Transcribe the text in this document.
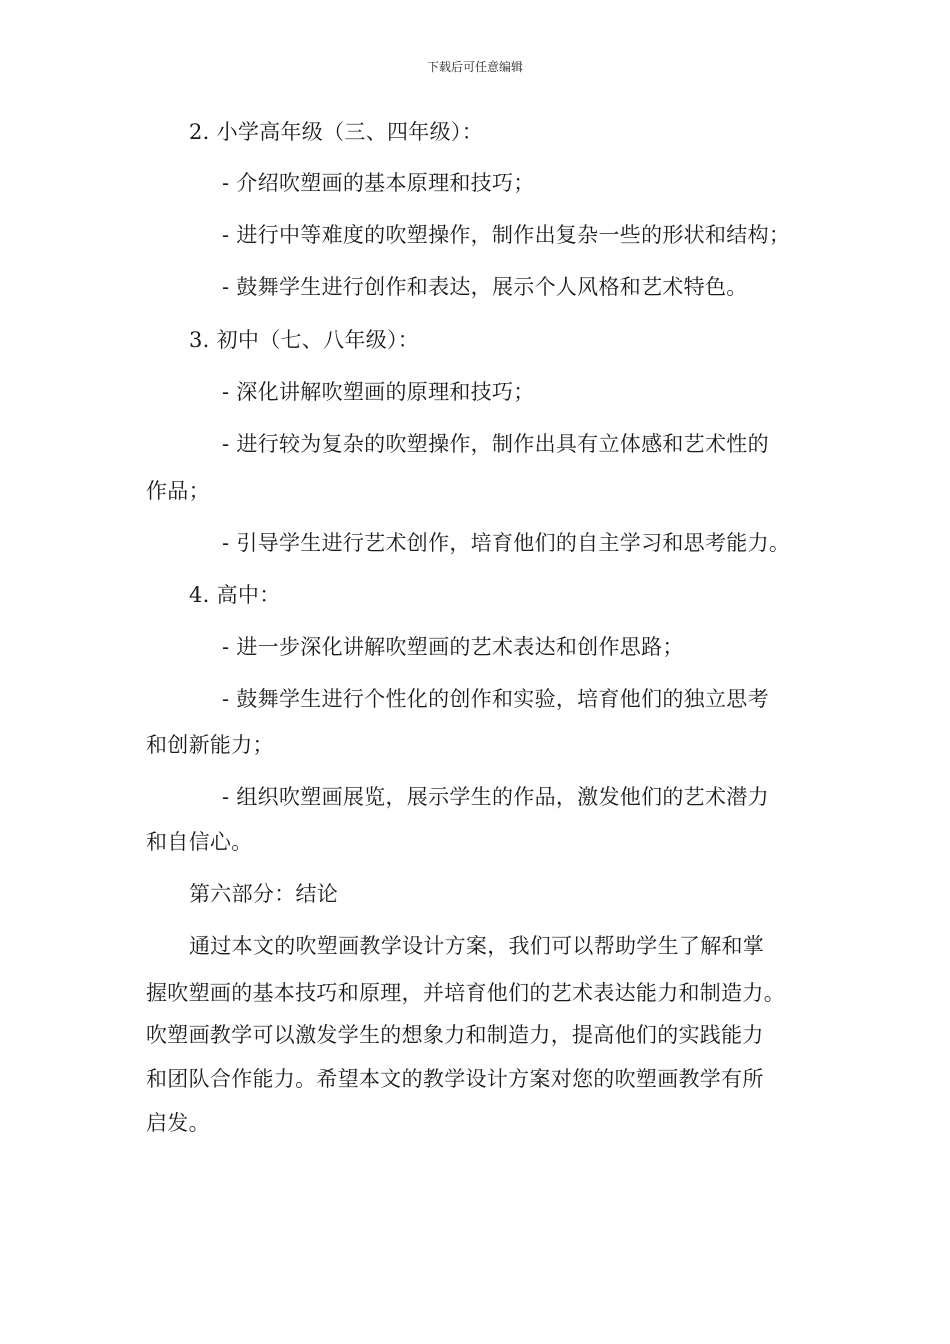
下载后可任意编辑
2. 小学高年级（三、四年级）：
- 介绍吹塑画的基本原理和技巧；
- 进行中等难度的吹塑操作，制作出复杂一些的形状和结构；
- 鼓舞学生进行创作和表达，展示个人风格和艺术特色。
3. 初中（七、八年级）：
- 深化讲解吹塑画的原理和技巧；
- 进行较为复杂的吹塑操作，制作出具有立体感和艺术性的
作品；
- 引导学生进行艺术创作，培育他们的自主学习和思考能力。
4. 高中：
- 进一步深化讲解吹塑画的艺术表达和创作思路；
- 鼓舞学生进行个性化的创作和实验，培育他们的独立思考
和创新能力；
- 组织吹塑画展览，展示学生的作品，激发他们的艺术潜力
和自信心。
第六部分：结论
通过本文的吹塑画教学设计方案，我们可以帮助学生了解和掌
握吹塑画的基本技巧和原理，并培育他们的艺术表达能力和制造力。
吹塑画教学可以激发学生的想象力和制造力，提高他们的实践能力
和团队合作能力。希望本文的教学设计方案对您的吹塑画教学有所
启发。
